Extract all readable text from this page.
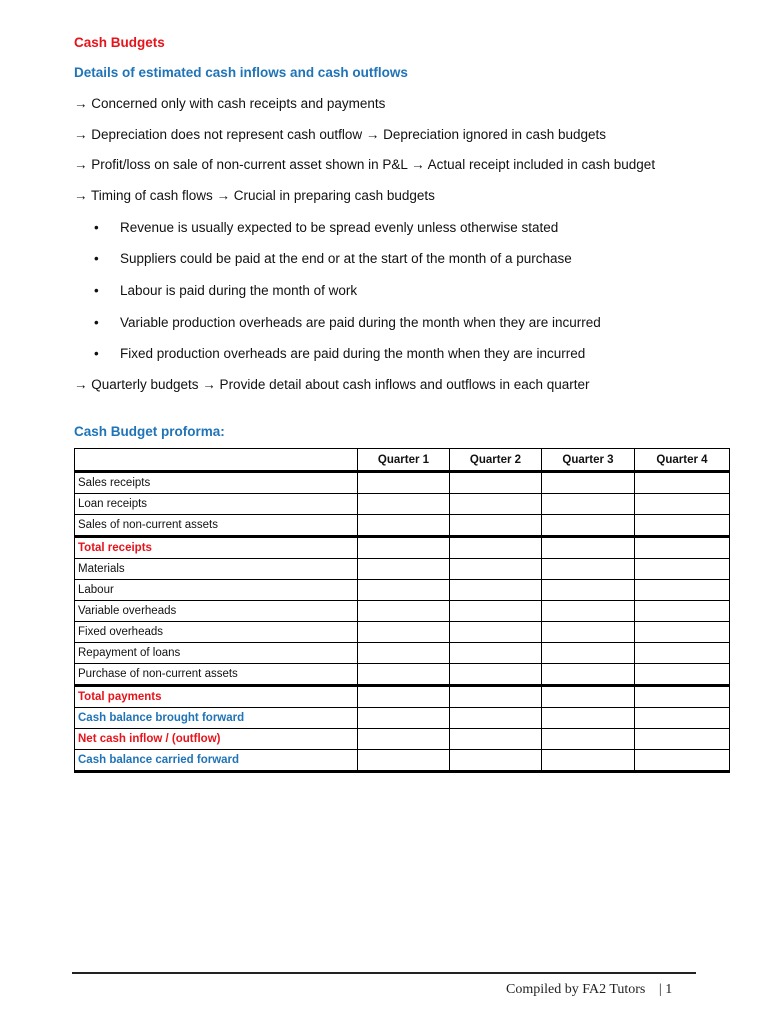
Cash Budgets
Details of estimated cash inflows and cash outflows
→ Concerned only with cash receipts and payments
→ Depreciation does not represent cash outflow → Depreciation ignored in cash budgets
→ Profit/loss on sale of non-current asset shown in P&L → Actual receipt included in cash budget
→ Timing of cash flows → Crucial in preparing cash budgets
• Revenue is usually expected to be spread evenly unless otherwise stated
• Suppliers could be paid at the end or at the start of the month of a purchase
• Labour is paid during the month of work
• Variable production overheads are paid during the month when they are incurred
• Fixed production overheads are paid during the month when they are incurred
→ Quarterly budgets → Provide detail about cash inflows and outflows in each quarter
Cash Budget proforma:
	Quarter 1	Quarter 2	Quarter 3	Quarter 4
Sales receipts				
Loan receipts				
Sales of non-current assets				
Total receipts				
Materials				
Labour				
Variable overheads				
Fixed overheads				
Repayment of loans				
Purchase of non-current assets				
Total payments				
Cash balance brought forward				
Net cash inflow / (outflow)				
Cash balance carried forward				
Compiled by FA2 Tutors | 1
